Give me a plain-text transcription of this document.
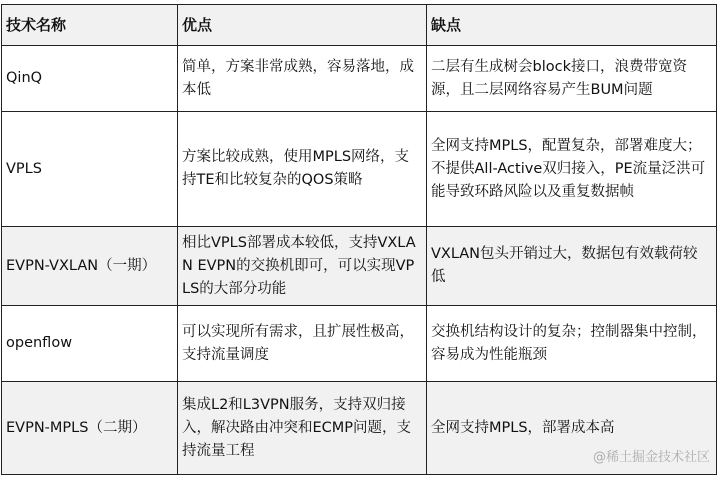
技术名称	优点	缺点
QinQ	简单，方案非常成熟，容易落地，成本低	二层有生成树会block接口，浪费带宽资源，且二层网络容易产生BUM问题
VPLS	方案比较成熟，使用MPLS网络，支持TE和比较复杂的QOS策略	全网支持MPLS，配置复杂，部署难度大；不提供All-Active双归接入，PE流量泛洪可能导致环路风险以及重复数据帧
EVPN-VXLAN（一期）	相比VPLS部署成本较低，支持VXLAN EVPN的交换机即可，可以实现VPLS的大部分功能	VXLAN包头开销过大，数据包有效载荷较低
openflow	可以实现所有需求，且扩展性极高，支持流量调度	交换机结构设计的复杂；控制器集中控制，容易成为性能瓶颈
EVPN-MPLS（二期）	集成L2和L3VPN服务，支持双归接入，解决路由冲突和ECMP问题，支持流量工程	全网支持MPLS，部署成本高
@稀土掘金技术社区
